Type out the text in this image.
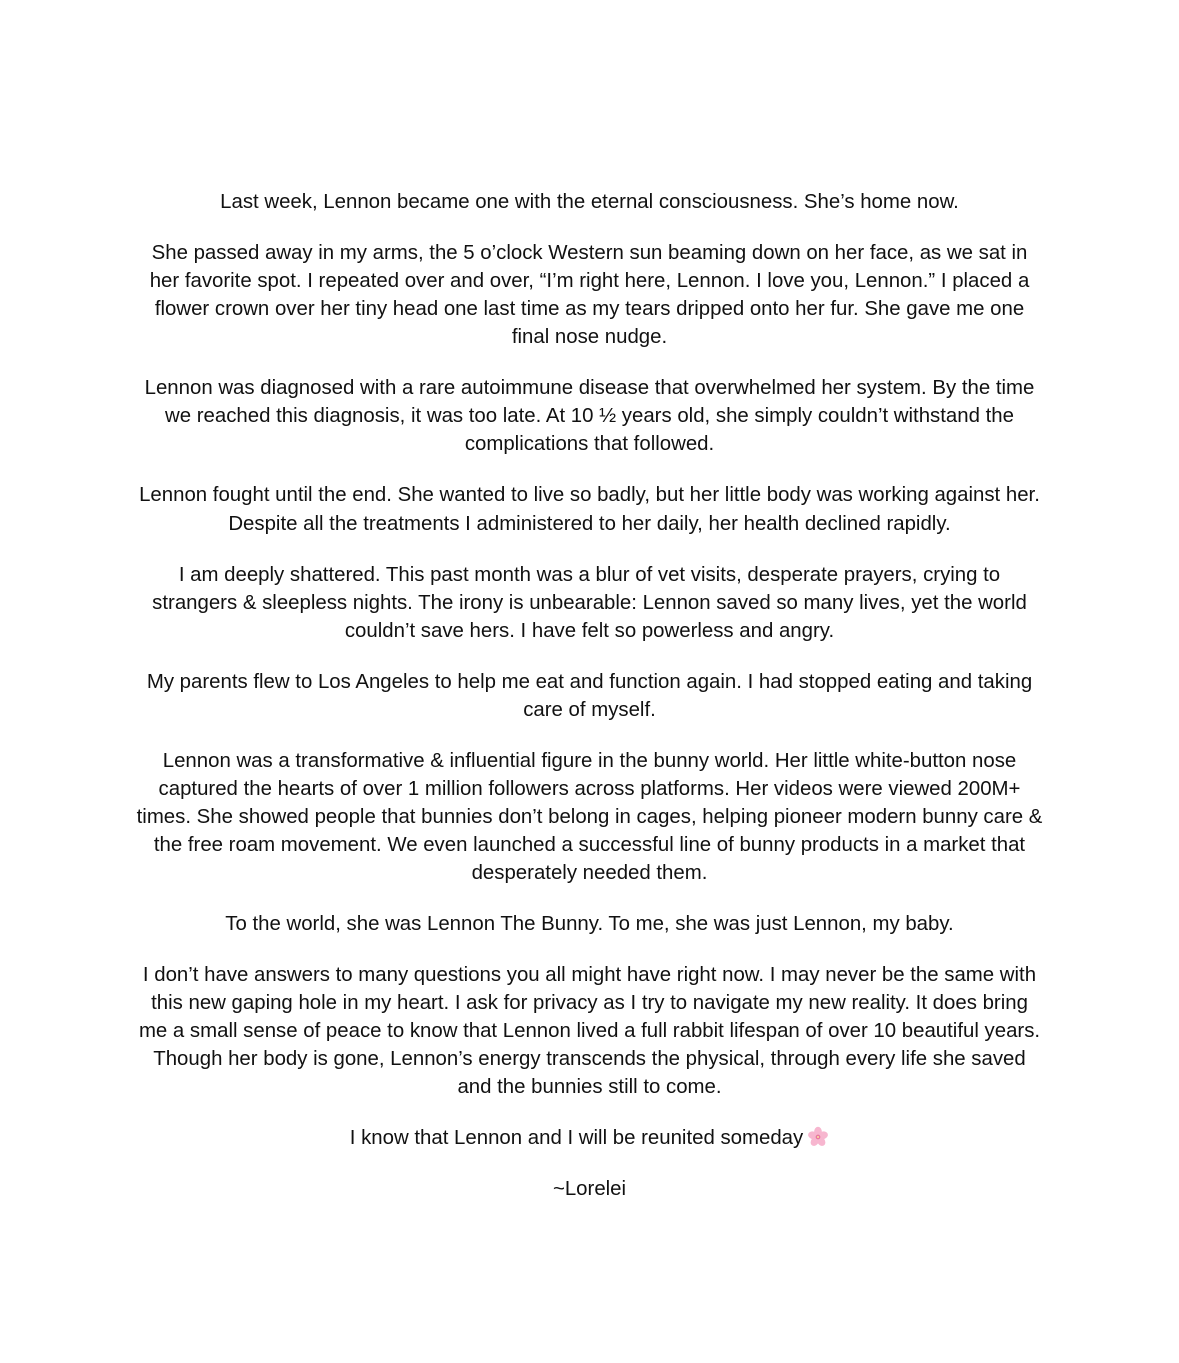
Last week, Lennon became one with the eternal consciousness. She’s home now.

She passed away in my arms, the 5 o’clock Western sun beaming down on her face, as we sat in her favorite spot. I repeated over and over, “I’m right here, Lennon. I love you, Lennon.” I placed a flower crown over her tiny head one last time as my tears dripped onto her fur. She gave me one final nose nudge.

Lennon was diagnosed with a rare autoimmune disease that overwhelmed her system. By the time we reached this diagnosis, it was too late. At 10 ½ years old, she simply couldn’t withstand the complications that followed.

Lennon fought until the end. She wanted to live so badly, but her little body was working against her. Despite all the treatments I administered to her daily, her health declined rapidly.

I am deeply shattered. This past month was a blur of vet visits, desperate prayers, crying to strangers & sleepless nights. The irony is unbearable: Lennon saved so many lives, yet the world couldn’t save hers. I have felt so powerless and angry.

My parents flew to Los Angeles to help me eat and function again. I had stopped eating and taking care of myself.

Lennon was a transformative & influential figure in the bunny world. Her little white-button nose captured the hearts of over 1 million followers across platforms. Her videos were viewed 200M+ times. She showed people that bunnies don’t belong in cages, helping pioneer modern bunny care & the free roam movement. We even launched a successful line of bunny products in a market that desperately needed them.

To the world, she was Lennon The Bunny. To me, she was just Lennon, my baby.

I don’t have answers to many questions you all might have right now. I may never be the same with this new gaping hole in my heart. I ask for privacy as I try to navigate my new reality. It does bring me a small sense of peace to know that Lennon lived a full rabbit lifespan of over 10 beautiful years. Though her body is gone, Lennon’s energy transcends the physical, through every life she saved and the bunnies still to come.

I know that Lennon and I will be reunited someday

~Lorelei
